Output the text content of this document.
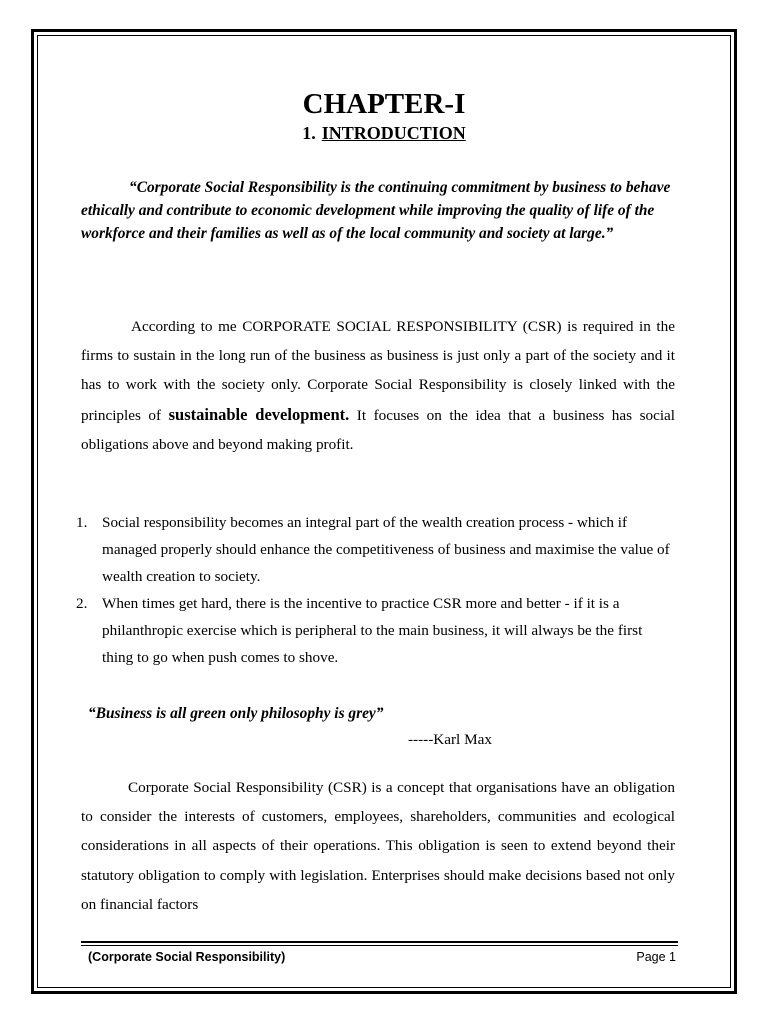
CHAPTER-I
1. INTRODUCTION

“Corporate Social Responsibility is the continuing commitment by business to behave ethically and contribute to economic development while improving the quality of life of the workforce and their families as well as of the local community and society at large.”

According to me CORPORATE SOCIAL RESPONSIBILITY (CSR) is required in the firms to sustain in the long run of the business as business is just only a part of the society and it has to work with the society only. Corporate Social Responsibility is closely linked with the principles of sustainable development. It focuses on the idea that a business has social obligations above and beyond making profit.

1. Social responsibility becomes an integral part of the wealth creation process - which if managed properly should enhance the competitiveness of business and maximise the value of wealth creation to society.
2. When times get hard, there is the incentive to practice CSR more and better - if it is a philanthropic exercise which is peripheral to the main business, it will always be the first thing to go when push comes to shove.

“Business is all green only philosophy is grey”

-----Karl Max

Corporate Social Responsibility (CSR) is a concept that organisations have an obligation to consider the interests of customers, employees, shareholders, communities and ecological considerations in all aspects of their operations. This obligation is seen to extend beyond their statutory obligation to comply with legislation. Enterprises should make decisions based not only on financial factors

(Corporate Social Responsibility)	Page 1
